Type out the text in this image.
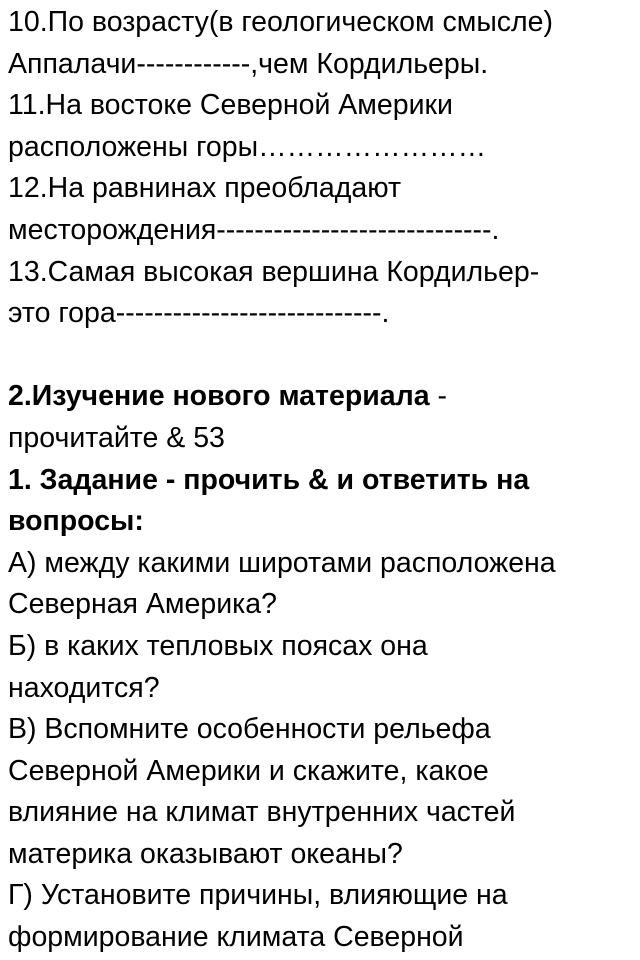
10.По возрасту(в геологическом смысле)
Аппалачи------------,чем Кордильеры.
11.На востоке Северной Америки
расположены горы……………………
12.На равнинах преобладают
месторождения-----------------------------.
13.Самая высокая вершина Кордильер-
это гора----------------------------.
2.Изучение нового материала -
прочитайте & 53
1. Задание - прочить & и ответить на
вопросы:
А) между какими широтами расположена
Северная Америка?
Б) в каких тепловых поясах она
находится?
В) Вспомните особенности рельефа
Северной Америки и скажите, какое
влияние на климат внутренних частей
материка оказывают океаны?
Г) Установите причины, влияющие на
формирование климата Северной
